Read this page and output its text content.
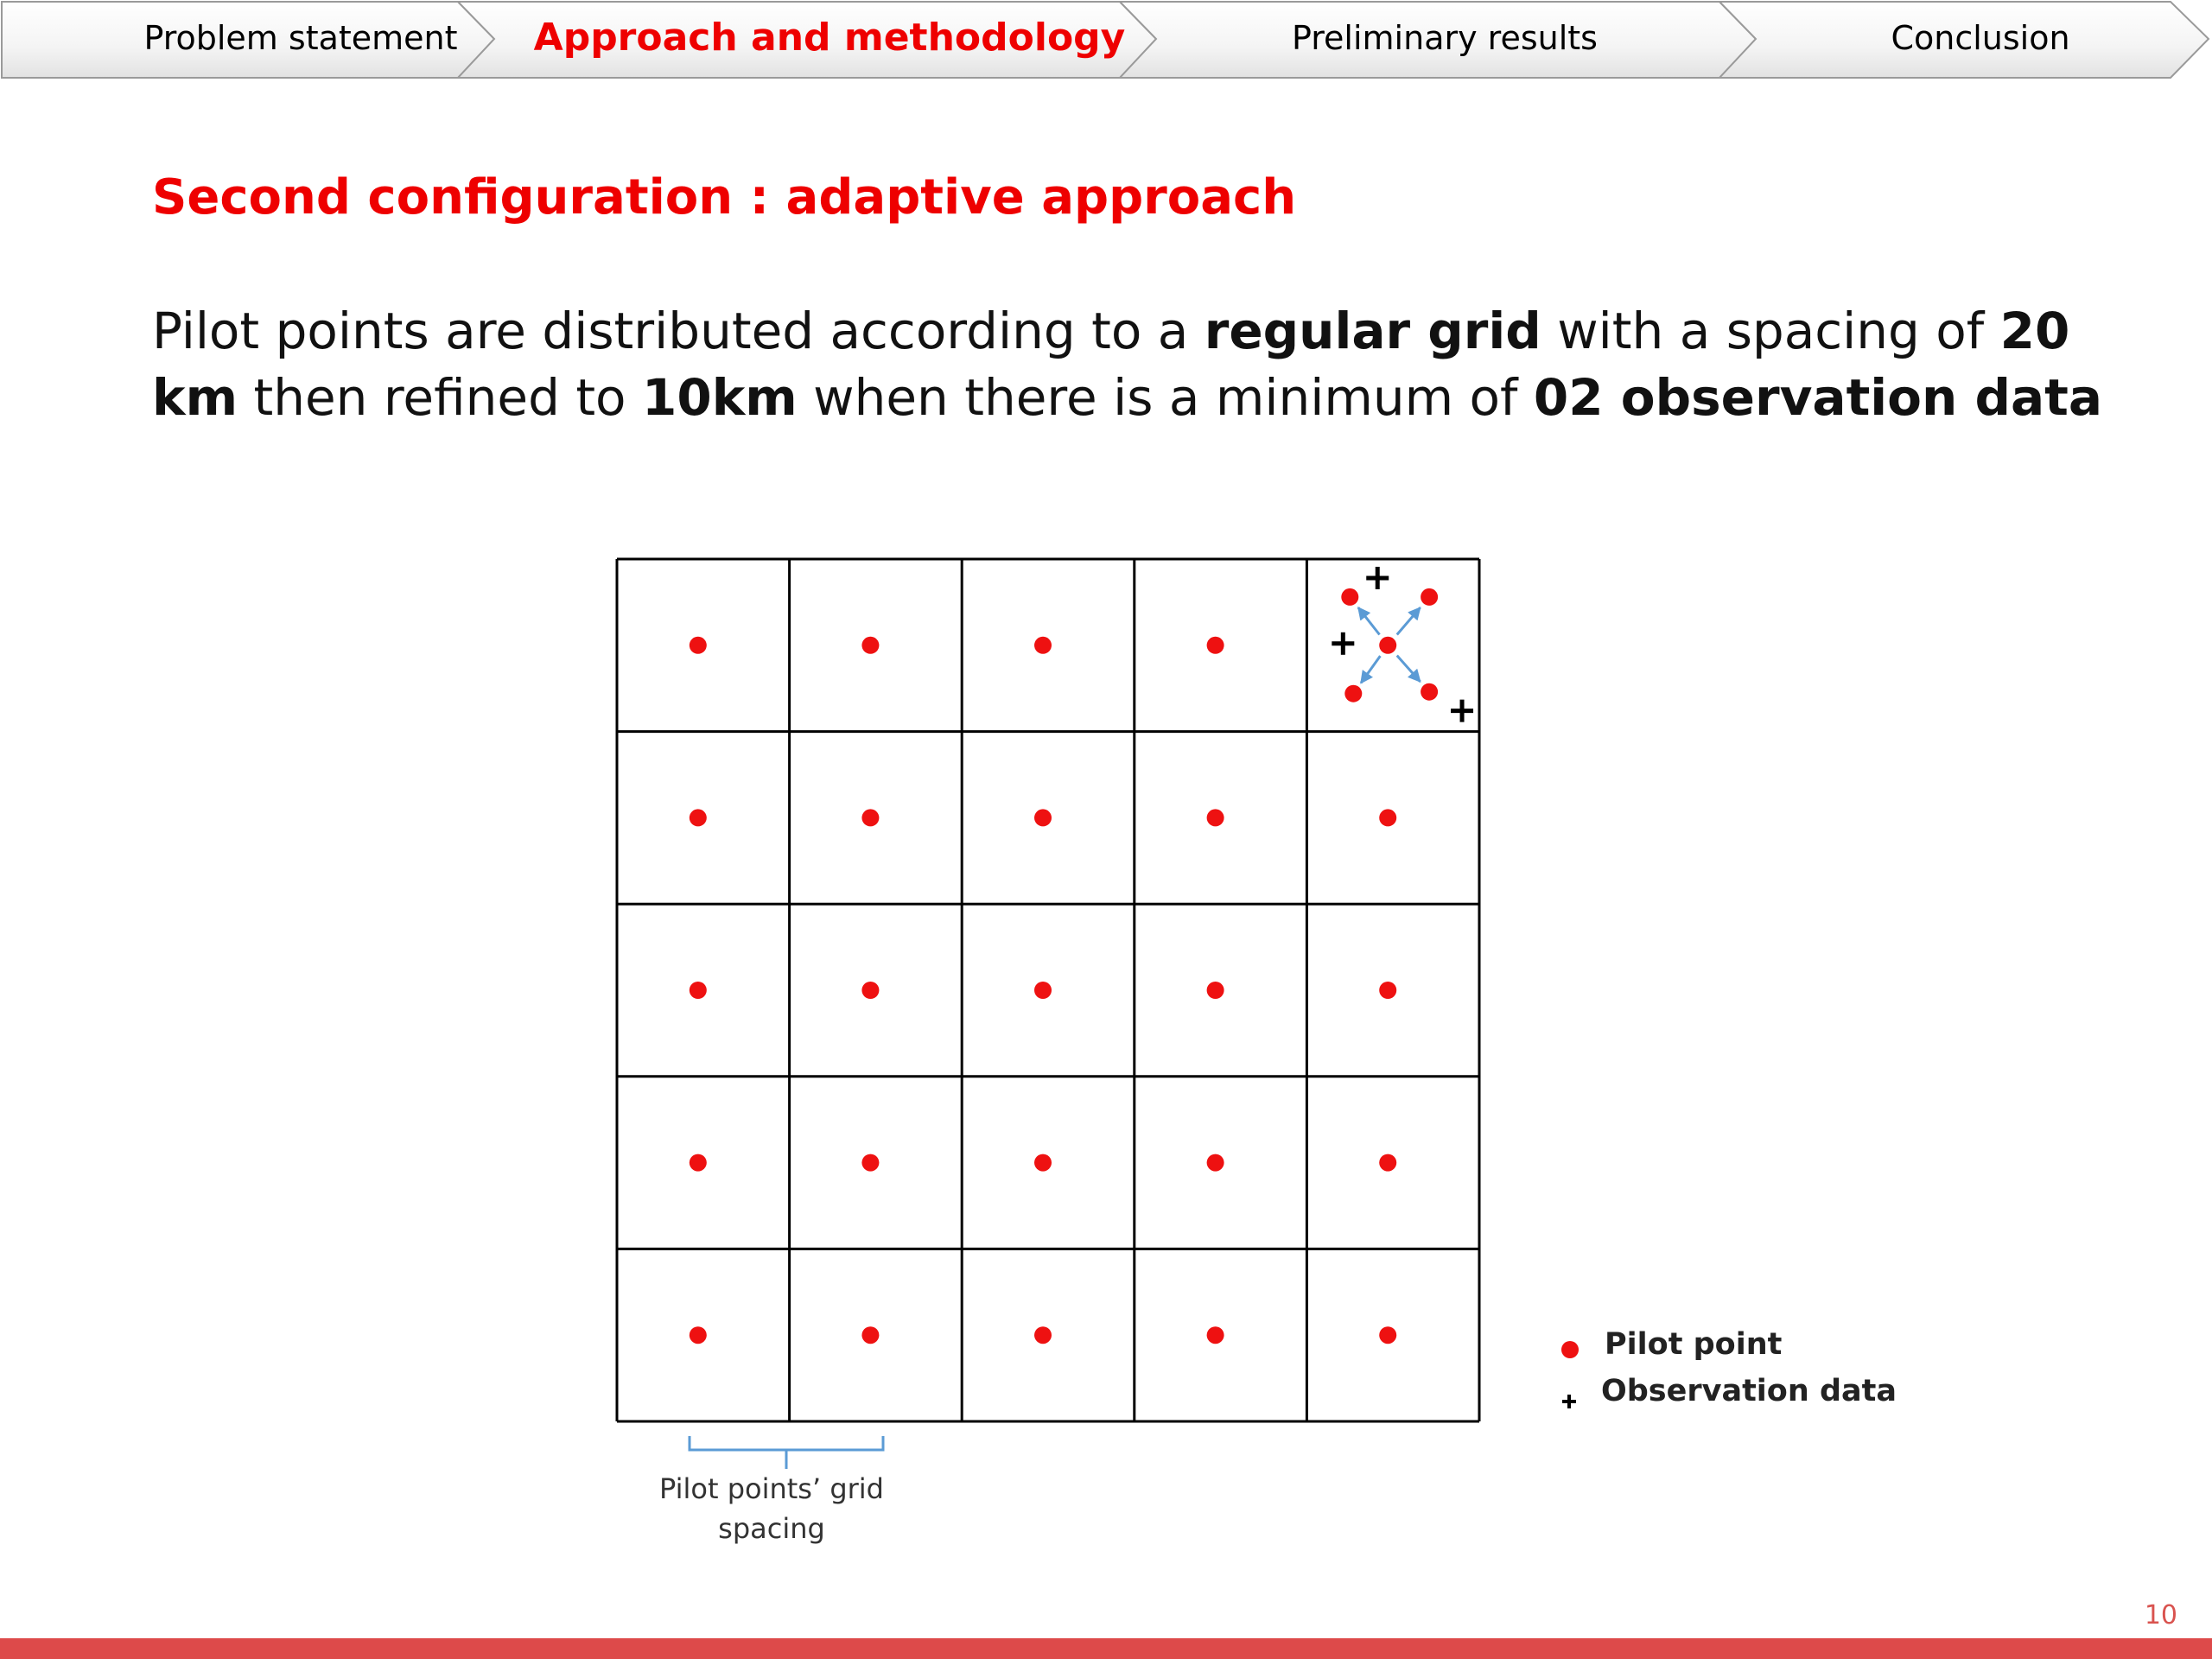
Problem statement Approach and methodology	Preliminary results	Conclusion
Second configuration : adaptive approach
Pilot points are distributed according to a regular grid with a spacing of 20 km then refined to 10km when there is a minimum of 02 observation data
Pilot point
Observation data
Pilot points’ grid spacing
10
